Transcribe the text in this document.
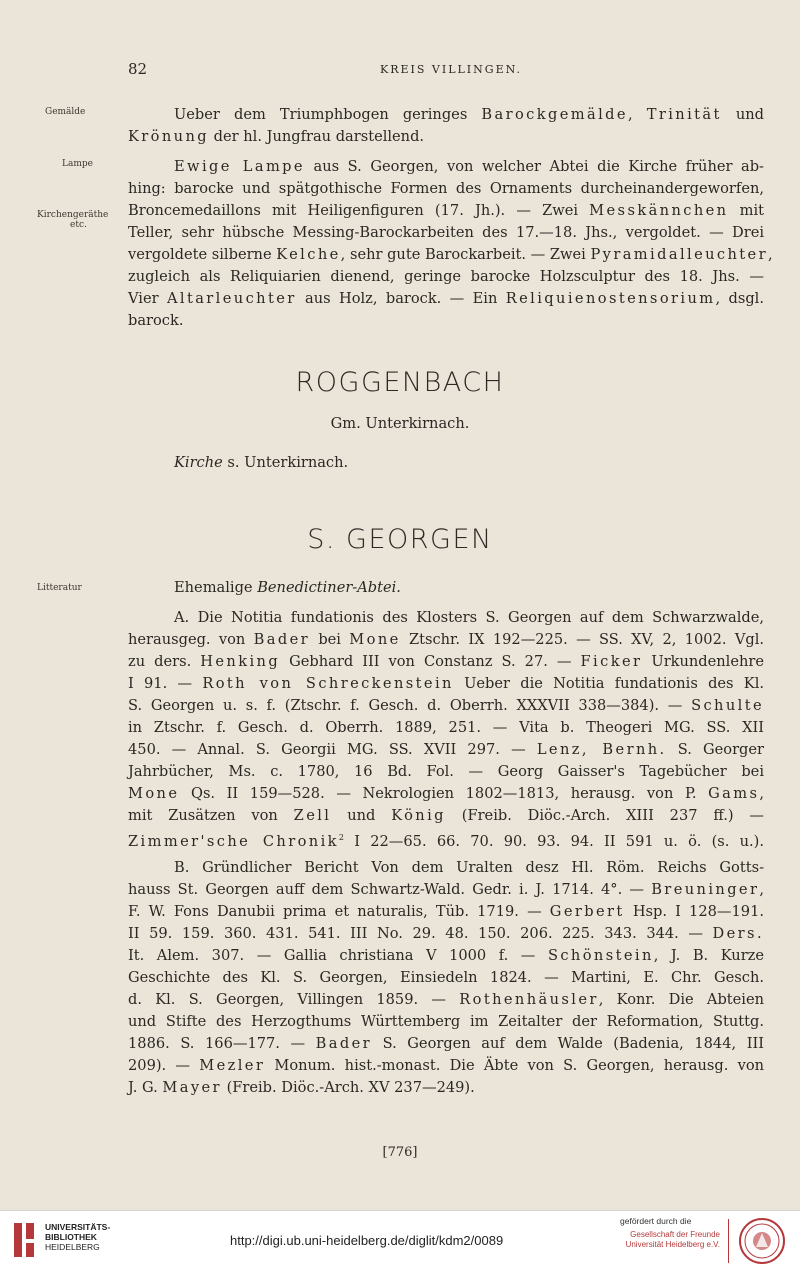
82	KREIS VILLINGEN.
Gemälde
Lampe
Kirchengeräthe
etc.
Litteratur
Ueber dem Triumphbogen geringes Barockgemälde, Trinität und
Krönung der hl. Jungfrau darstellend.
Ewige Lampe aus S. Georgen, von welcher Abtei die Kirche früher ab-
hing: barocke und spätgothische Formen des Ornaments durcheinandergeworfen,
Broncemedaillons mit Heiligenfiguren (17. Jh.). — Zwei Messkännchen mit
Teller, sehr hübsche Messing-Barockarbeiten des 17.—18. Jhs., vergoldet. — Drei
vergoldete silberne Kelche, sehr gute Barockarbeit. — Zwei Pyramidalleuchter,
zugleich als Reliquiarien dienend, geringe barocke Holzsculptur des 18. Jhs. —
Vier Altarleuchter aus Holz, barock. — Ein Reliquienostensorium, dsgl.
barock.
ROGGENBACH
Gm. Unterkirnach.
Kirche s. Unterkirnach.
S. GEORGEN
Ehemalige Benedictiner-Abtei.
A. Die Notitia fundationis des Klosters S. Georgen auf dem Schwarzwalde,
herausgeg. von Bader bei Mone Ztschr. IX 192—225. — SS. XV, 2, 1002. Vgl.
zu ders. Henking Gebhard III von Constanz S. 27. — Ficker Urkundenlehre
I 91. — Roth von Schreckenstein Ueber die Notitia fundationis des Kl.
S. Georgen u. s. f. (Ztschr. f. Gesch. d. Oberrh. XXXVII 338—384). — Schulte
in Ztschr. f. Gesch. d. Oberrh. 1889, 251. — Vita b. Theogeri MG. SS. XII
450. — Annal. S. Georgii MG. SS. XVII 297. — Lenz, Bernh. S. Georger
Jahrbücher, Ms. c. 1780, 16 Bd. Fol. — Georg Gaisser's Tagebücher bei
Mone Qs. II 159—528. — Nekrologien 1802—1813, herausg. von P. Gams,
mit Zusätzen von Zell und König (Freib. Diöc.-Arch. XIII 237 ff.) —
Zimmer'sche Chronik$^2$ I 22—65. 66. 70. 90. 93. 94. II 591 u. ö. (s. u.).
B. Gründlicher Bericht Von dem Uralten desz Hl. Röm. Reichs Gotts-
hauss St. Georgen auff dem Schwartz-Wald. Gedr. i. J. 1714. 4°. — Breuninger,
F. W. Fons Danubii prima et naturalis, Tüb. 1719. — Gerbert Hsp. I 128—191.
II 59. 159. 360. 431. 541. III No. 29. 48. 150. 206. 225. 343. 344. — Ders.
It. Alem. 307. — Gallia christiana V 1000 f. — Schönstein, J. B. Kurze
Geschichte des Kl. S. Georgen, Einsiedeln 1824. — Martini, E. Chr. Gesch.
d. Kl. S. Georgen, Villingen 1859. — Rothenhäusler, Konr. Die Abteien
und Stifte des Herzogthums Württemberg im Zeitalter der Reformation, Stuttg.
1886. S. 166—177. — Bader S. Georgen auf dem Walde (Badenia, 1844, III
209). — Mezler Monum. hist.-monast. Die Äbte von S. Georgen, herausg. von
J. G. Mayer (Freib. Diöc.-Arch. XV 237—249).
[776]
UNIVERSITÄTS-
BIBLIOTHEK
HEIDELBERG	http://digi.ub.uni-heidelberg.de/diglit/kdm2/0089
gefördert durch die
Gesellschaft der Freunde
Universität Heidelberg e.V.
